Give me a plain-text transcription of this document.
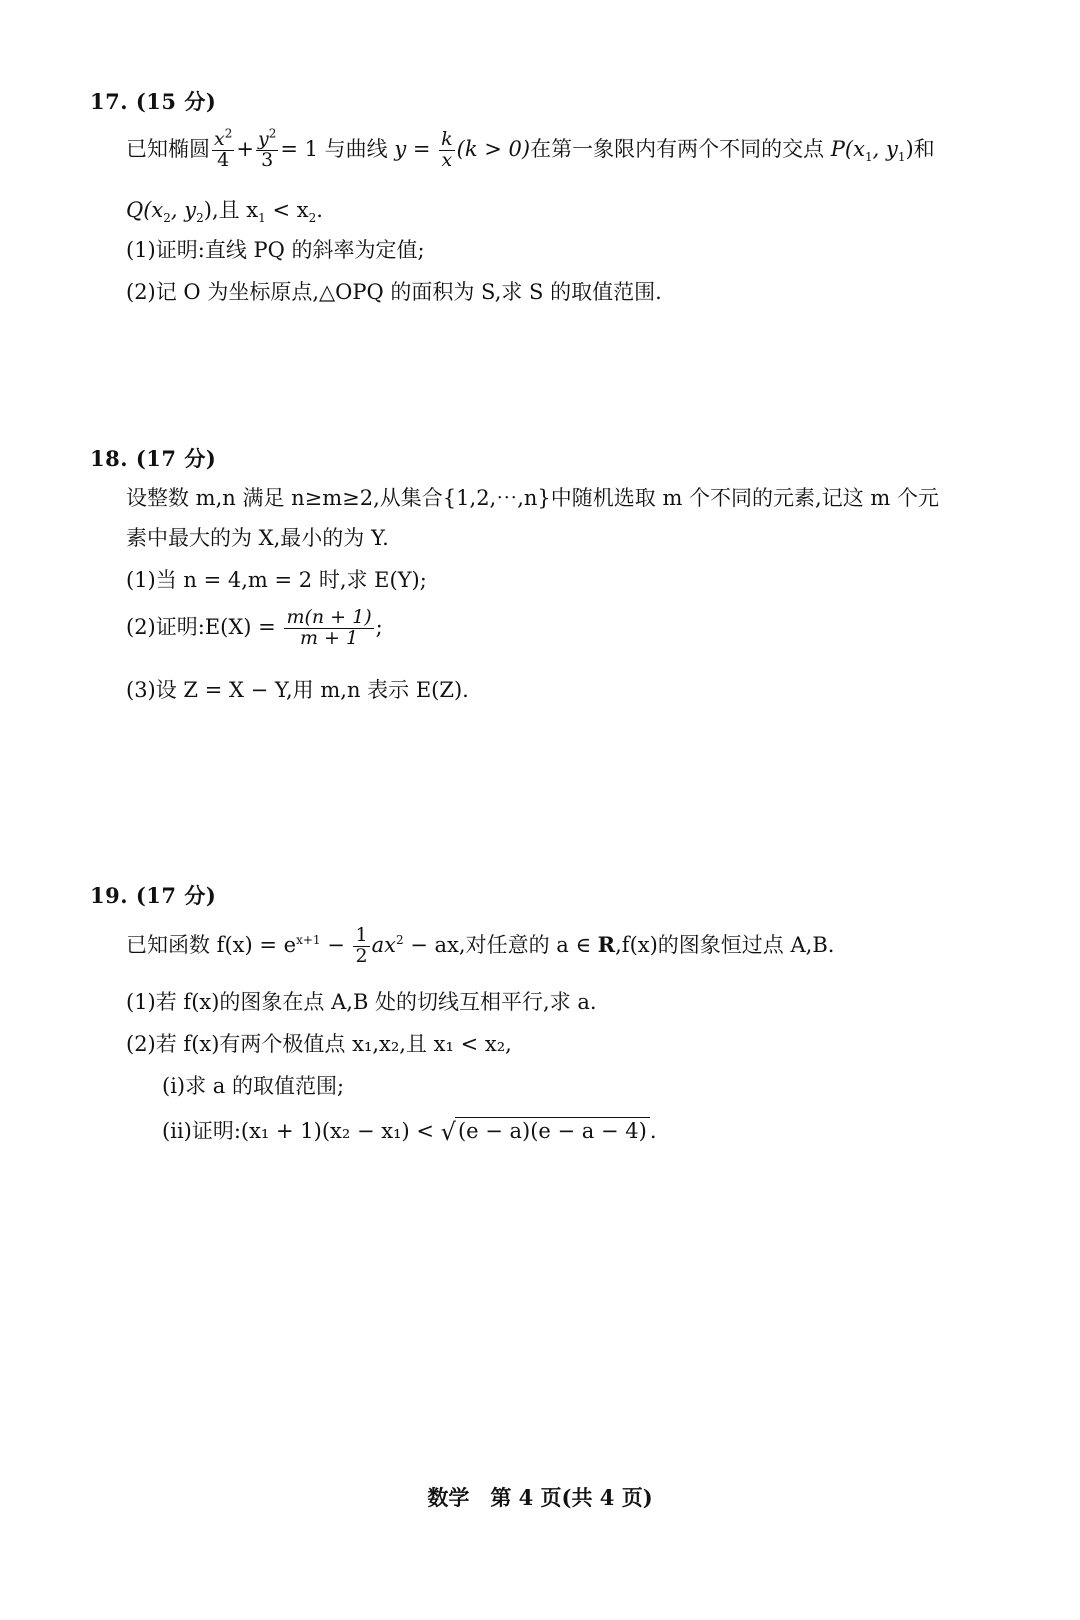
17. (15 分)
已知椭圆 $\frac{x^2}{4} + \frac{y^2}{3} = 1$ 与曲线 $y = \frac{k}{x} (k > 0)$在第一象限内有两个不同的交点 $P(x_1$, $y_1$)和
$Q(x_2$, $y_2$),且 $x_1 < x_2$.
(1)证明:直线 PQ 的斜率为定值;
(2)记 O 为坐标原点,△OPQ 的面积为 S,求 S 的取值范围.
18. (17 分)
设整数 m,n 满足 n≥m≥2,从集合{1,2,⋯,n}中随机选取 m 个不同的元素,记这 m 个元
素中最大的为 X,最小的为 Y.
(1)当 n = 4,m = 2 时,求 E(Y);
(2)证明:E(X) = $\frac{m(n + 1)}{m + 1}$ ;
(3)设 Z = X − Y,用 m,n 表示 E(Z).
19. (17 分)
已知函数 $f(x) = e^{x+1} - \frac{1}{2} ax^2$ − ax,对任意的 a ∈ R,f(x)的图象恒过点 A,B.
(1)若 f(x)的图象在点 A,B 处的切线互相平行,求 a.
(2)若 f(x)有两个极值点 x₁,x₂,且 x₁ < x₂,
(ⅰ)求 a 的取值范围;
(ⅱ)证明:(x₁ + 1)(x₂ − x₁) < √(e − a)(e − a − 4) .
数学　第 4 页(共 4 页)
